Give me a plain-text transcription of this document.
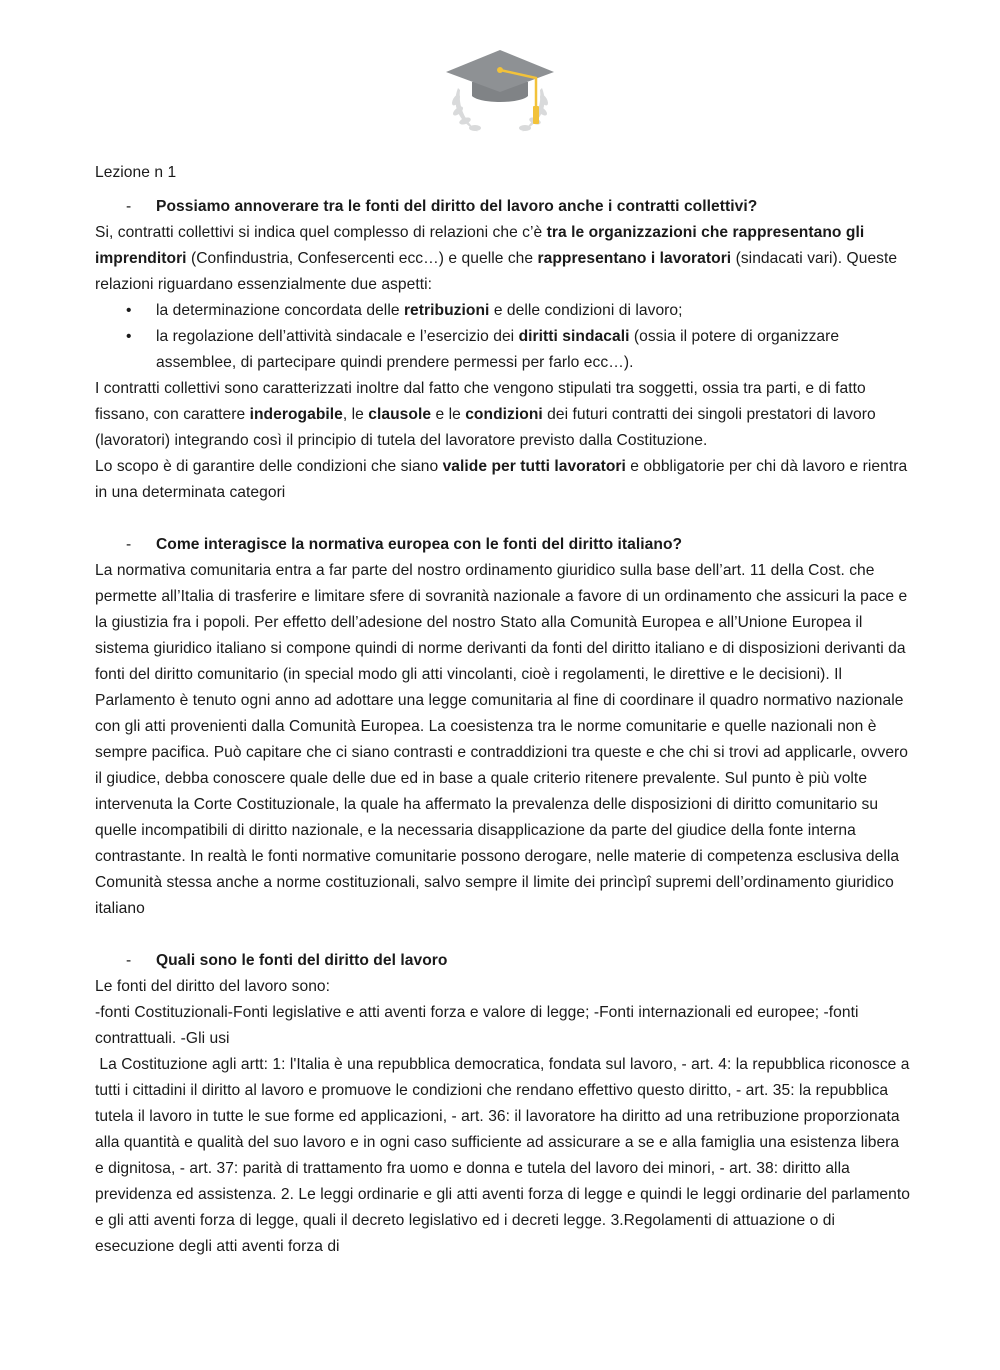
Lezione n 1

- Possiamo annoverare tra le fonti del diritto del lavoro anche i contratti collettivi?

Si, contratti collettivi si indica quel complesso di relazioni che c’è tra le organizzazioni che rappresentano gli imprenditori (Confindustria, Confesercenti ecc…) e quelle che rappresentano i lavoratori (sindacati vari). Queste relazioni riguardano essenzialmente due aspetti:

• la determinazione concordata delle retribuzioni e delle condizioni di lavoro;
• la regolazione dell’attività sindacale e l’esercizio dei diritti sindacali (ossia il potere di organizzare assemblee, di partecipare quindi prendere permessi per farlo ecc…).

I contratti collettivi sono caratterizzati inoltre dal fatto che vengono stipulati tra soggetti, ossia tra parti, e di fatto fissano, con carattere inderogabile, le clausole e le condizioni dei futuri contratti dei singoli prestatori di lavoro (lavoratori) integrando così il principio di tutela del lavoratore previsto dalla Costituzione.

Lo scopo è di garantire delle condizioni che siano valide per tutti lavoratori e obbligatorie per chi dà lavoro e rientra in una determinata categori

- Come interagisce la normativa europea con le fonti del diritto italiano?

La normativa comunitaria entra a far parte del nostro ordinamento giuridico sulla base dell’art. 11 della Cost. che permette all’Italia di trasferire e limitare sfere di sovranità nazionale a favore di un ordinamento che assicuri la pace e la giustizia fra i popoli. Per effetto dell’adesione del nostro Stato alla Comunità Europea e all’Unione Europea il sistema giuridico italiano si compone quindi di norme derivanti da fonti del diritto italiano e di disposizioni derivanti da fonti del diritto comunitario (in special modo gli atti vincolanti, cioè i regolamenti, le direttive e le decisioni). Il Parlamento è tenuto ogni anno ad adottare una legge comunitaria al fine di coordinare il quadro normativo nazionale con gli atti provenienti dalla Comunità Europea. La coesistenza tra le norme comunitarie e quelle nazionali non è sempre pacifica. Può capitare che ci siano contrasti e contraddizioni tra queste e che chi si trovi ad applicarle, ovvero il giudice, debba conoscere quale delle due ed in base a quale criterio ritenere prevalente. Sul punto è più volte intervenuta la Corte Costituzionale, la quale ha affermato la prevalenza delle disposizioni di diritto comunitario su quelle incompatibili di diritto nazionale, e la necessaria disapplicazione da parte del giudice della fonte interna contrastante. In realtà le fonti normative comunitarie possono derogare, nelle materie di competenza esclusiva della Comunità stessa anche a norme costituzionali, salvo sempre il limite dei princìpî supremi dell’ordinamento giuridico italiano

- Quali sono le fonti del diritto del lavoro

Le fonti del diritto del lavoro sono:

-fonti Costituzionali-Fonti legislative e atti aventi forza e valore di legge; -Fonti internazionali ed europee; -fonti contrattuali. -Gli usi

La Costituzione agli artt: 1: l'Italia è una repubblica democratica, fondata sul lavoro, - art. 4: la repubblica riconosce a tutti i cittadini il diritto al lavoro e promuove le condizioni che rendano effettivo questo diritto, - art. 35: la repubblica tutela il lavoro in tutte le sue forme ed applicazioni, - art. 36: il lavoratore ha diritto ad una retribuzione proporzionata alla quantità e qualità del suo lavoro e in ogni caso sufficiente ad assicurare a se e alla famiglia una esistenza libera e dignitosa, - art. 37: parità di trattamento fra uomo e donna e tutela del lavoro dei minori, - art. 38: diritto alla previdenza ed assistenza. 2. Le leggi ordinarie e gli atti aventi forza di legge e quindi le leggi ordinarie del parlamento e gli atti aventi forza di legge, quali il decreto legislativo ed i decreti legge. 3.Regolamenti di attuazione o di esecuzione degli atti aventi forza di
